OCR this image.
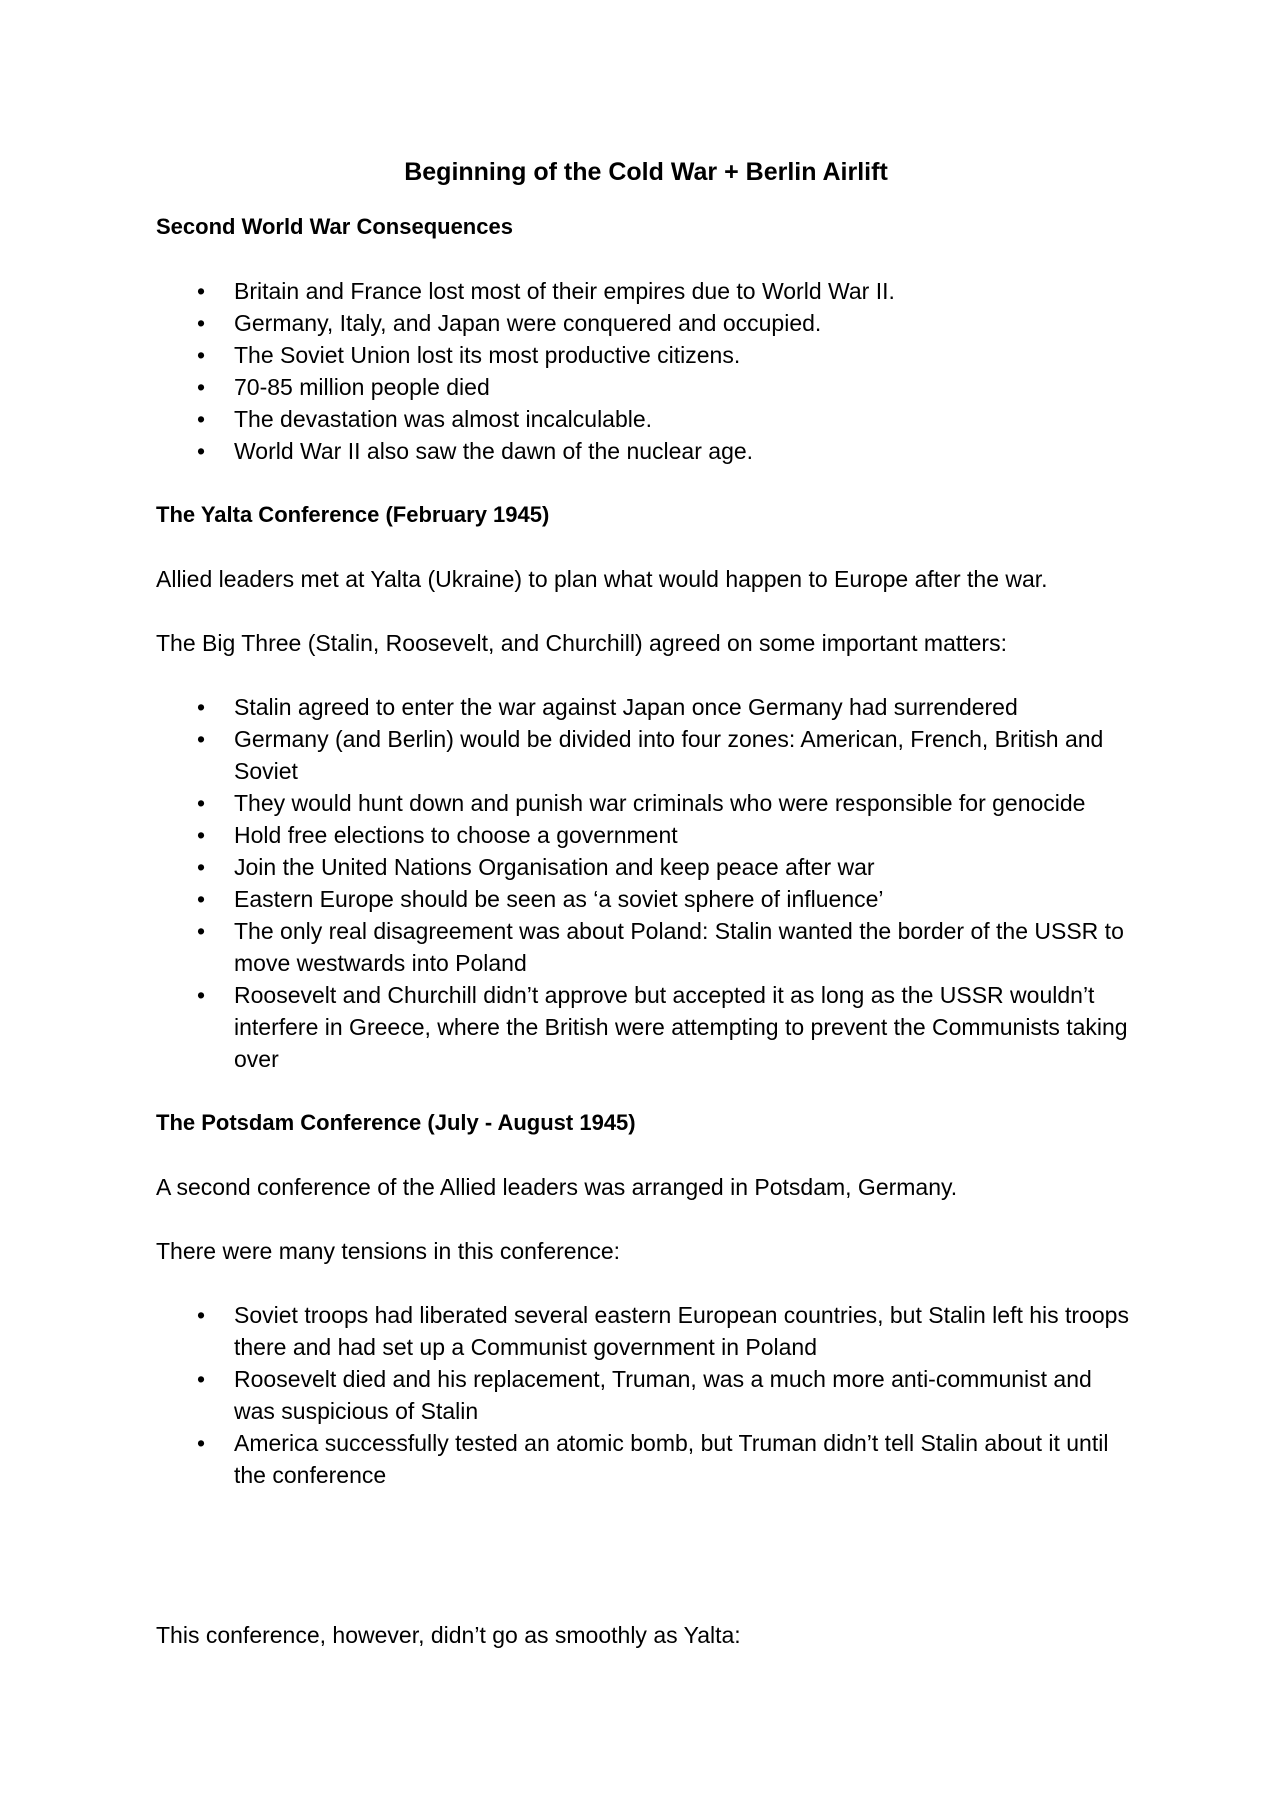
Beginning of the Cold War + Berlin Airlift
Second World War Consequences
• Britain and France lost most of their empires due to World War II.
• Germany, Italy, and Japan were conquered and occupied.
• The Soviet Union lost its most productive citizens.
• 70-85 million people died
• The devastation was almost incalculable.
• World War II also saw the dawn of the nuclear age.
The Yalta Conference (February 1945)

Allied leaders met at Yalta (Ukraine) to plan what would happen to Europe after the war.

The Big Three (Stalin, Roosevelt, and Churchill) agreed on some important matters:

• Stalin agreed to enter the war against Japan once Germany had surrendered
• Germany (and Berlin) would be divided into four zones: American, French, British and Soviet
• They would hunt down and punish war criminals who were responsible for genocide
• Hold free elections to choose a government
• Join the United Nations Organisation and keep peace after war
• Eastern Europe should be seen as ‘a soviet sphere of influence’
• The only real disagreement was about Poland: Stalin wanted the border of the USSR to move westwards into Poland
• Roosevelt and Churchill didn’t approve but accepted it as long as the USSR wouldn’t interfere in Greece, where the British were attempting to prevent the Communists taking over
The Potsdam Conference (July - August 1945)

A second conference of the Allied leaders was arranged in Potsdam, Germany.

There were many tensions in this conference:

• Soviet troops had liberated several eastern European countries, but Stalin left his troops there and had set up a Communist government in Poland
• Roosevelt died and his replacement, Truman, was a much more anti-communist and was suspicious of Stalin
• America successfully tested an atomic bomb, but Truman didn’t tell Stalin about it until the conference

This conference, however, didn’t go as smoothly as Yalta:
